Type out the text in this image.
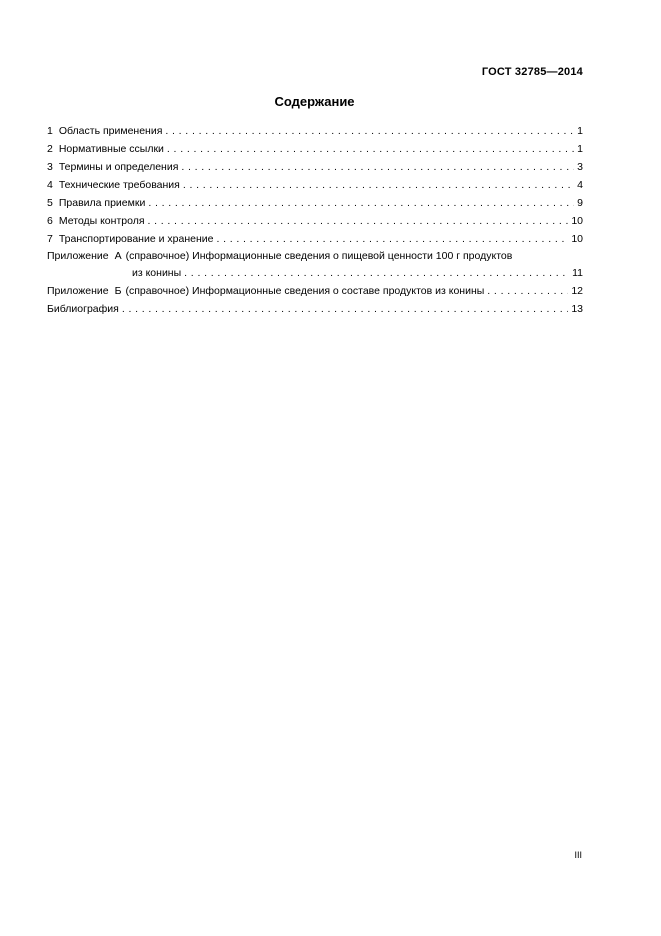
ГОСТ 32785—2014
Содержание
1 Область применения . . .	1
2 Нормативные ссылки . . .	1
3 Термины и определения . . .	3
4 Технические требования . . .	4
5 Правила приемки . . .	9
6 Методы контроля . . .	10
7 Транспортирование и хранение . . .	10
Приложение А (справочное) Информационные сведения о пищевой ценности 100 г продуктов
из конины . . .	11
Приложение Б (справочное) Информационные сведения о составе продуктов из конины . . .	12
Библиография . . .	13
III
